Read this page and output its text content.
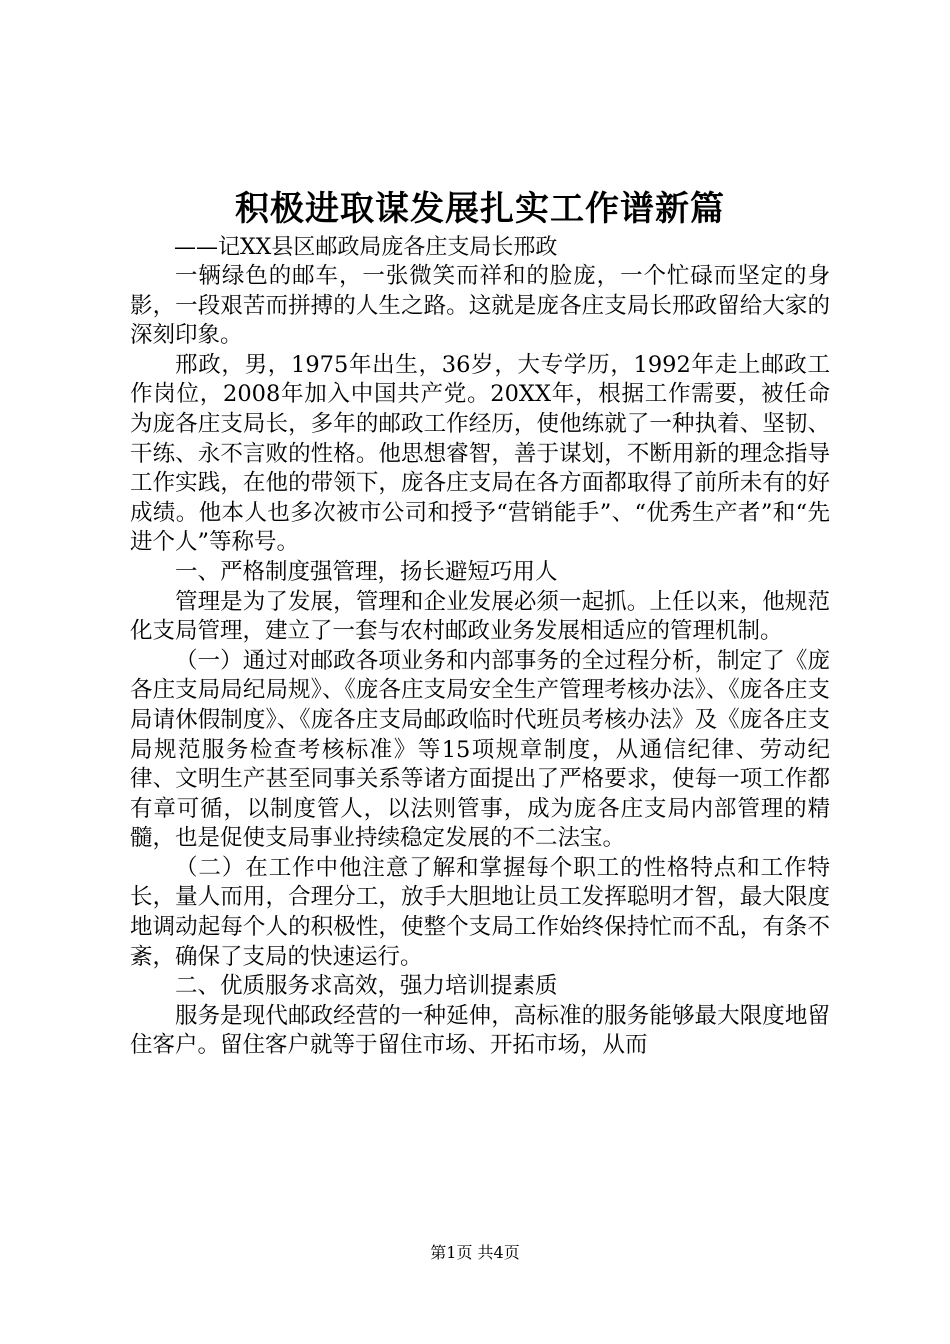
积极进取谋发展扎实工作谱新篇

——记XX县区邮政局庞各庄支局长邢政

一辆绿色的邮车，一张微笑而祥和的脸庞，一个忙碌而坚定的身影，一段艰苦而拼搏的人生之路。这就是庞各庄支局长邢政留给大家的深刻印象。

邢政，男，1975年出生，36岁，大专学历，1992年走上邮政工作岗位，2008年加入中国共产党。20XX年，根据工作需要，被任命为庞各庄支局长，多年的邮政工作经历，使他练就了一种执着、坚韧、干练、永不言败的性格。他思想睿智，善于谋划，不断用新的理念指导工作实践，在他的带领下，庞各庄支局在各方面都取得了前所未有的好成绩。他本人也多次被市公司和授予“营销能手”、“优秀生产者”和“先进个人”等称号。

一、严格制度强管理，扬长避短巧用人

管理是为了发展，管理和企业发展必须一起抓。上任以来，他规范化支局管理，建立了一套与农村邮政业务发展相适应的管理机制。

（一）通过对邮政各项业务和内部事务的全过程分析，制定了《庞各庄支局局纪局规》、《庞各庄支局安全生产管理考核办法》、《庞各庄支局请休假制度》、《庞各庄支局邮政临时代班员考核办法》及《庞各庄支局规范服务检查考核标准》等15项规章制度，从通信纪律、劳动纪律、文明生产甚至同事关系等诸方面提出了严格要求，使每一项工作都有章可循，以制度管人，以法则管事，成为庞各庄支局内部管理的精髓，也是促使支局事业持续稳定发展的不二法宝。

（二）在工作中他注意了解和掌握每个职工的性格特点和工作特长，量人而用，合理分工，放手大胆地让员工发挥聪明才智，最大限度地调动起每个人的积极性，使整个支局工作始终保持忙而不乱，有条不紊，确保了支局的快速运行。

二、优质服务求高效，强力培训提素质

服务是现代邮政经营的一种延伸，高标准的服务能够最大限度地留住客户。留住客户就等于留住市场、开拓市场，从而

第1页 共4页
